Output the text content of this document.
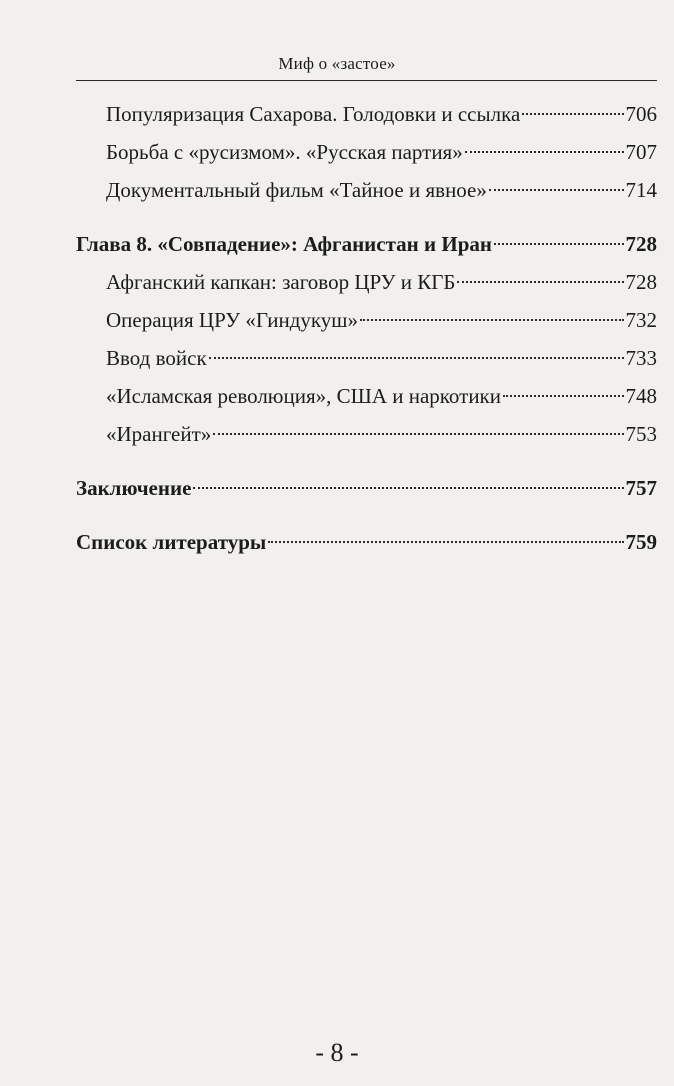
Миф о «застое»
Популяризация Сахарова. Голодовки и ссылка	706
Борьба с «русизмом». «Русская партия»	707
Документальный фильм «Тайное и явное»	714
Глава 8. «Совпадение»: Афганистан и Иран	728
Афганский капкан: заговор ЦРУ и КГБ	728
Операция ЦРУ «Гиндукуш»	732
Ввод войск	733
«Исламская революция», США и наркотики	748
«Ирангейт»	753
Заключение	757
Список литературы	759
- 8 -
